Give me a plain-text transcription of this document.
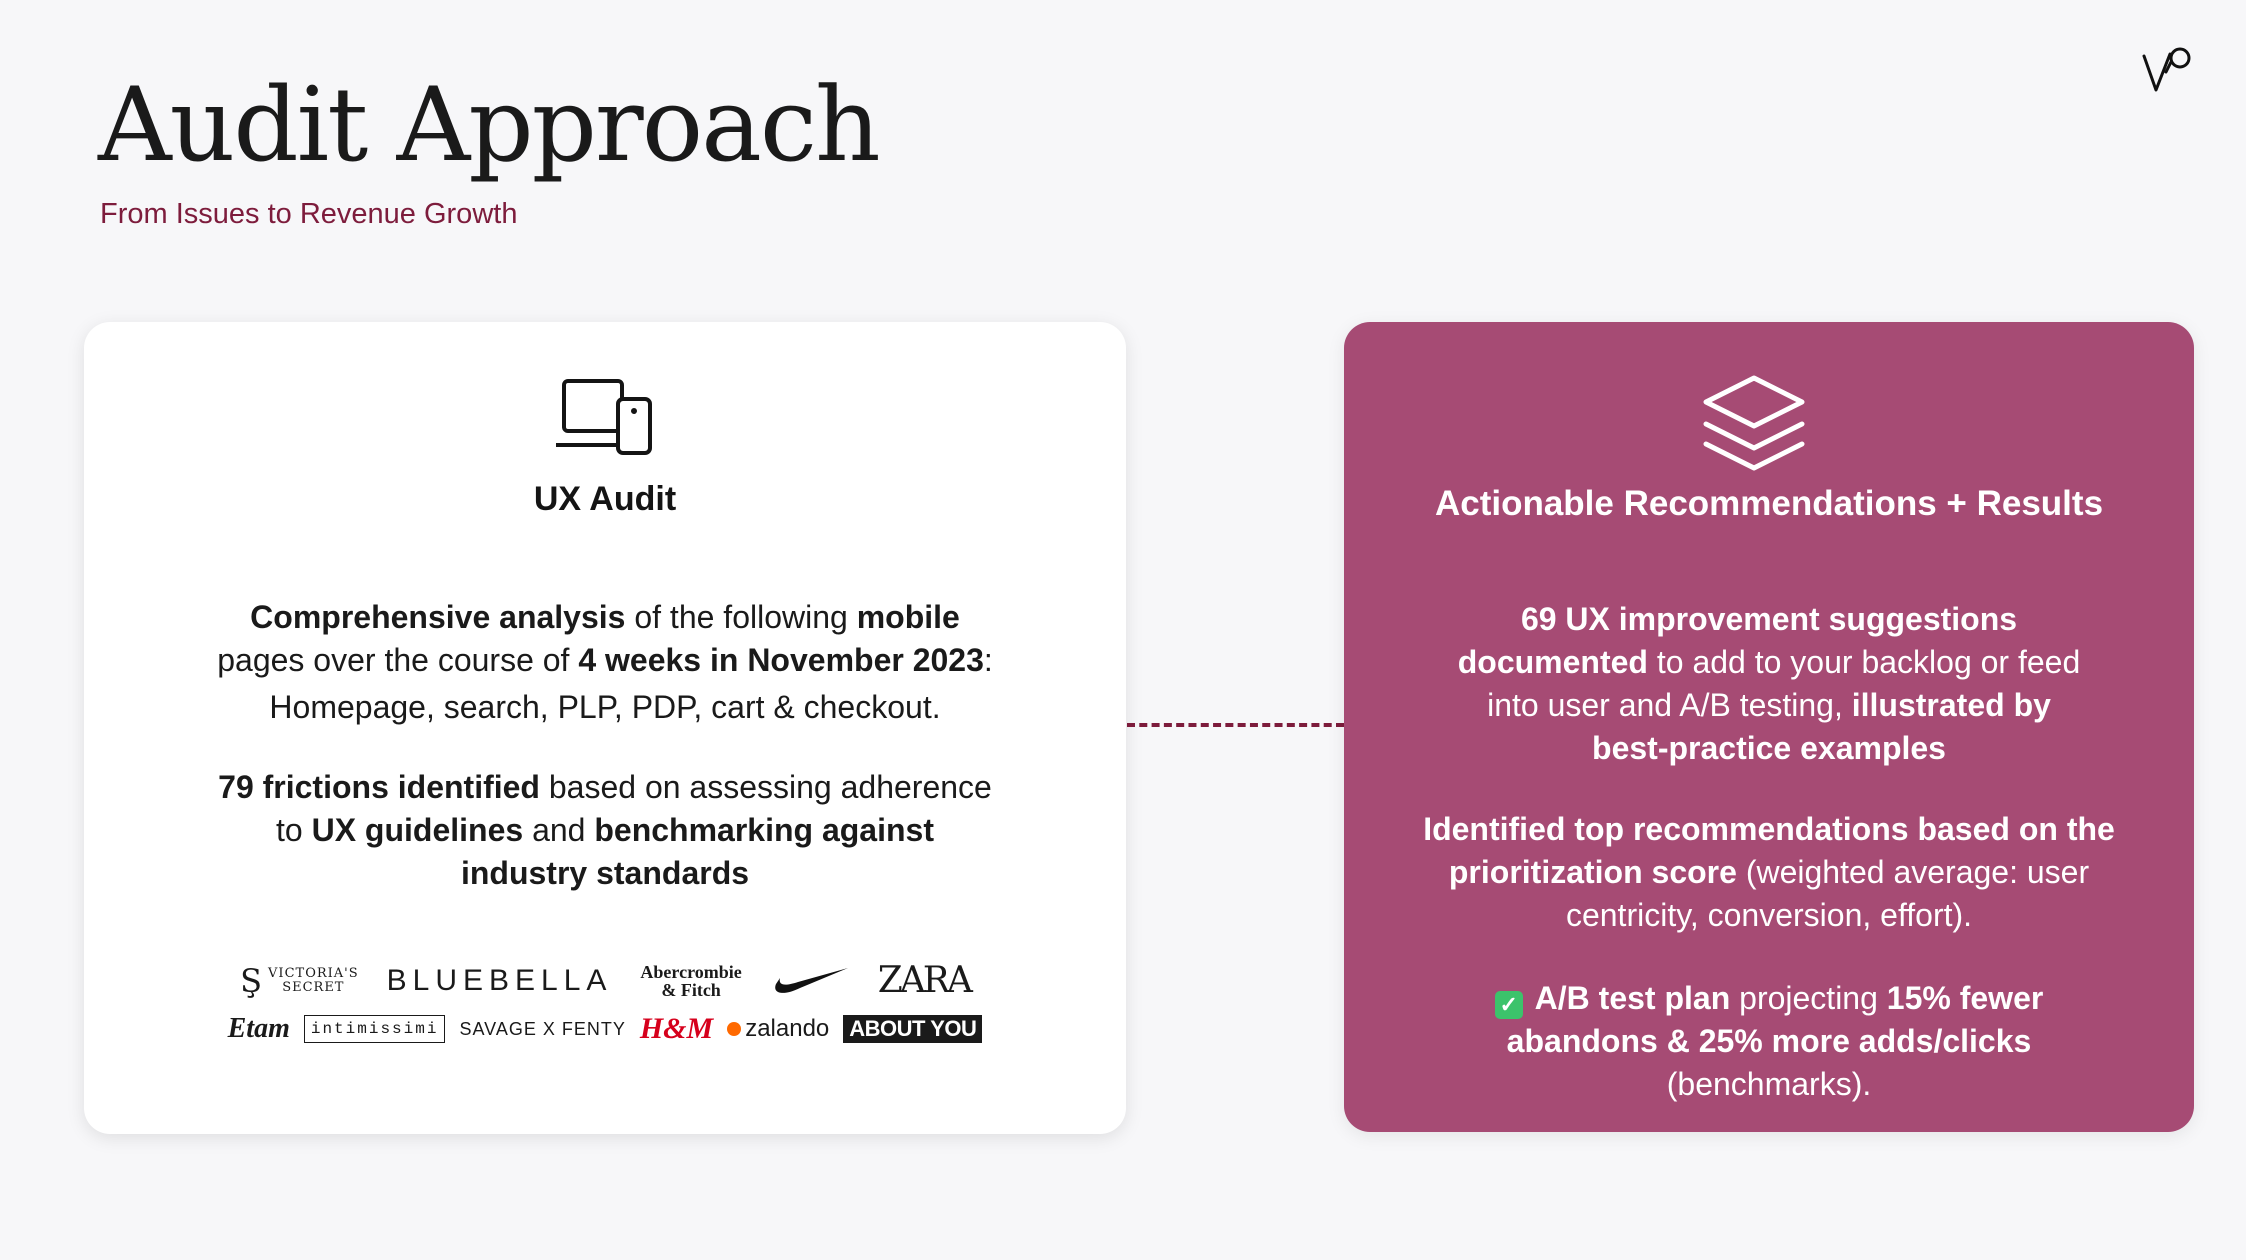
Audit Approach
From Issues to Revenue Growth
UX Audit
Comprehensive analysis of the following mobile
pages over the course of 4 weeks in November 2023:
Homepage, search, PLP, PDP, cart & checkout.
79 frictions identified based on assessing adherence
to UX guidelines and benchmarking against
industry standards
Ş VICTORIA'S
SECRET	BLUEBELLA Abercrombie
& Fitch	ZARA
Etam	intimissimi	SAVAGE X FENTY H&M zalando ABOUT YOU
Actionable Recommendations + Results
69 UX improvement suggestions
documented to add to your backlog or feed
into user and A/B testing, illustrated by
best-practice examples
Identified top recommendations based on the
prioritization score (weighted average: user
centricity, conversion, effort).
✓ A/B test plan projecting 15% fewer
abandons & 25% more adds/clicks
(benchmarks).
